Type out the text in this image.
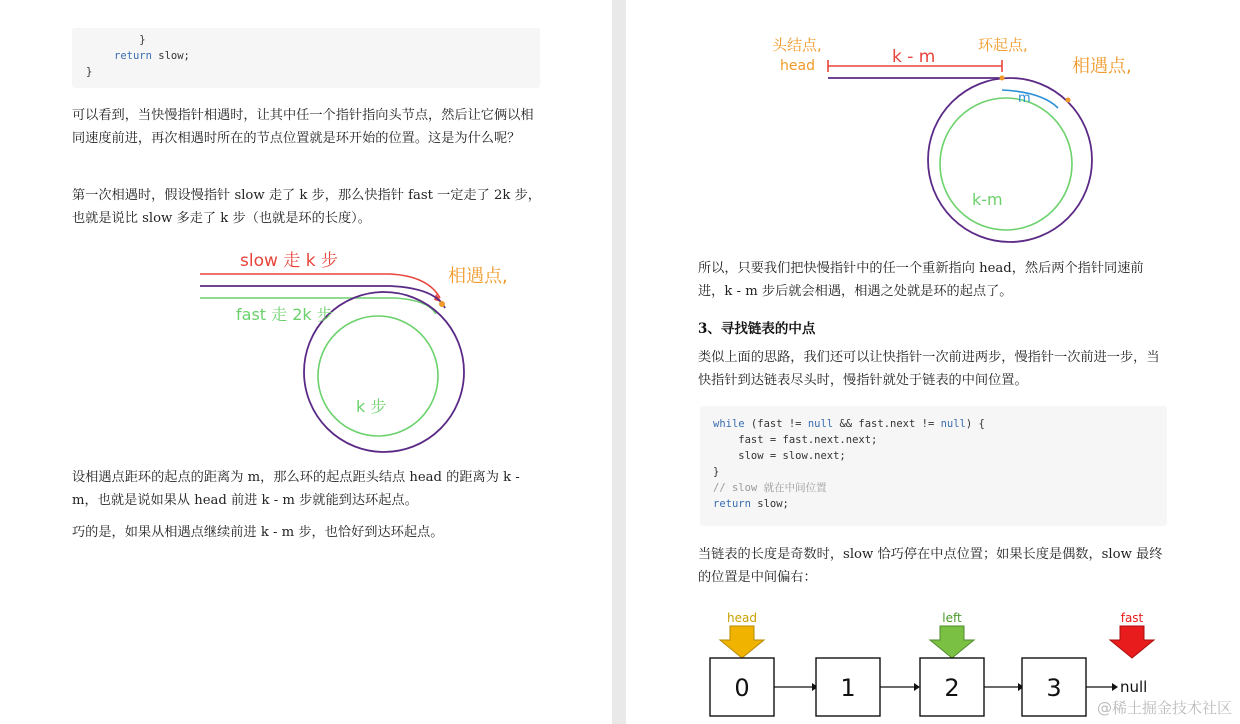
}
return slow;
}
可以看到，当快慢指针相遇时，让其中任一个指针指向头节点，然后让它俩以相同速度前进，再次相遇时所在的节点位置就是环开始的位置。这是为什么呢？
第一次相遇时，假设慢指针 slow 走了 k 步，那么快指针 fast 一定走了 2k 步，也就是说比 slow 多走了 k 步（也就是环的长度）。
slow 走 k 步
fast 走 2k 步
相遇点,
k 步
设相遇点距环的起点的距离为 m，那么环的起点距头结点 head 的距离为 k - m，也就是说如果从 head 前进 k - m 步就能到达环起点。
巧的是，如果从相遇点继续前进 k - m 步，也恰好到达环起点。
头结点,
head	k - m
环起点,
相遇点,
m
k-m
所以，只要我们把快慢指针中的任一个重新指向 head，然后两个指针同速前进，k - m 步后就会相遇，相遇之处就是环的起点了。
3、寻找链表的中点
类似上面的思路，我们还可以让快指针一次前进两步，慢指针一次前进一步，当快指针到达链表尽头时，慢指针就处于链表的中间位置。
while (fast != null && fast.next != null) {
fast = fast.next.next;
slow = slow.next;
}
// slow 就在中间位置
return slow;
当链表的长度是奇数时，slow 恰巧停在中点位置；如果长度是偶数，slow 最终的位置是中间偏右：
head	left	fast
0	1	2	3	null
@稀土掘金技术社区
